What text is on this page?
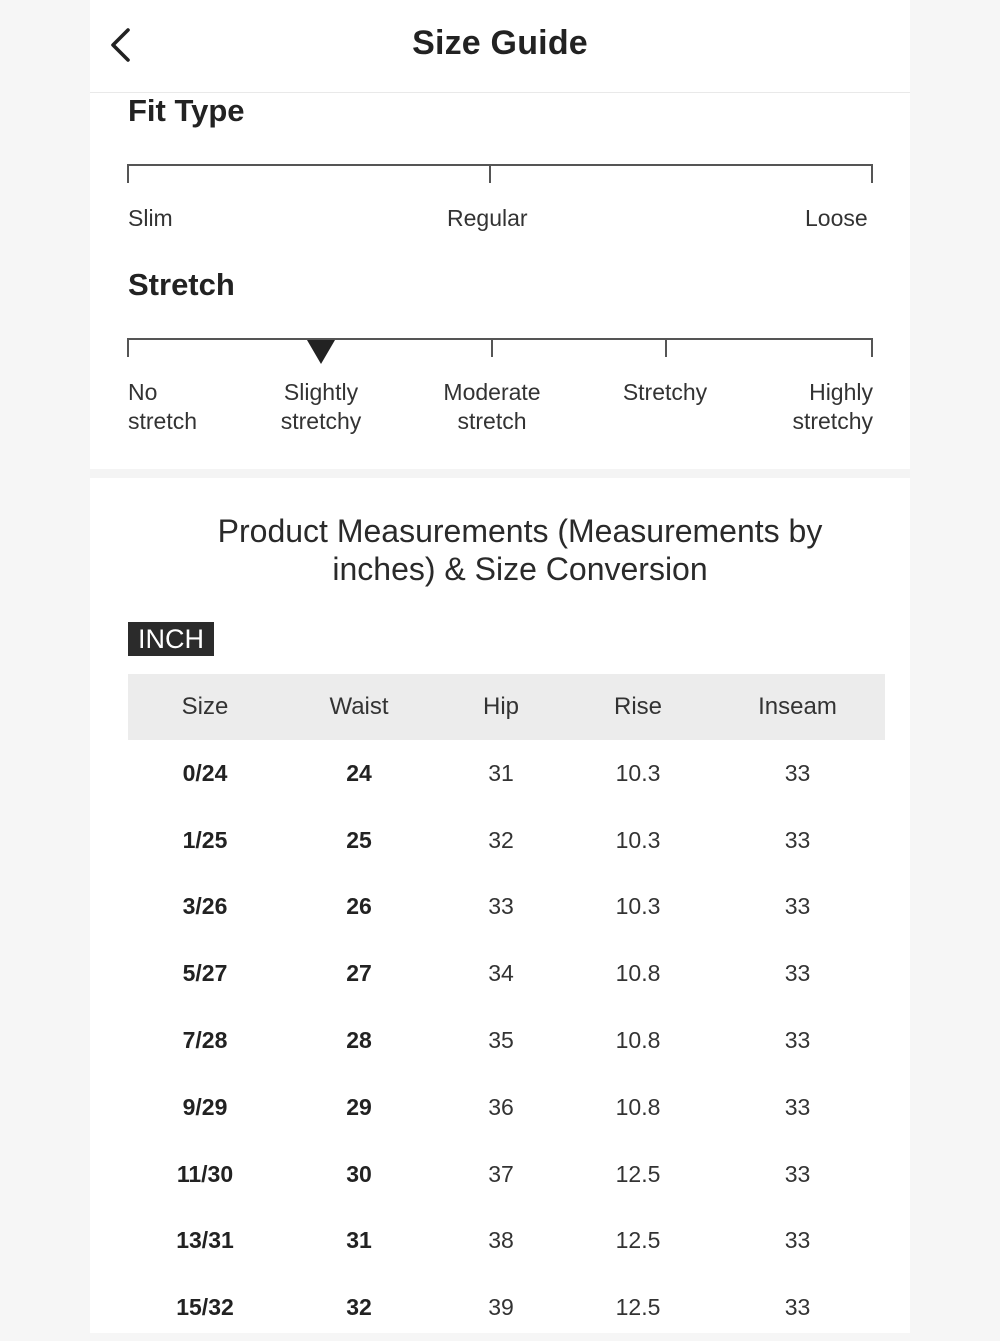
Size Guide
Fit Type
Slim	Regular	Loose
Stretch
No
stretch
Slightly
stretchy
Moderate
stretch
Stretchy	Highly
stretchy
Product Measurements (Measurements by
inches) & Size Conversion
INCH
Size	Waist	Hip	Rise	Inseam
0/24	24	31	10.3	33
1/25	25	32	10.3	33
3/26	26	33	10.3	33
5/27	27	34	10.8	33
7/28	28	35	10.8	33
9/29	29	36	10.8	33
11/30	30	37	12.5	33
13/31	31	38	12.5	33
15/32	32	39	12.5	33
